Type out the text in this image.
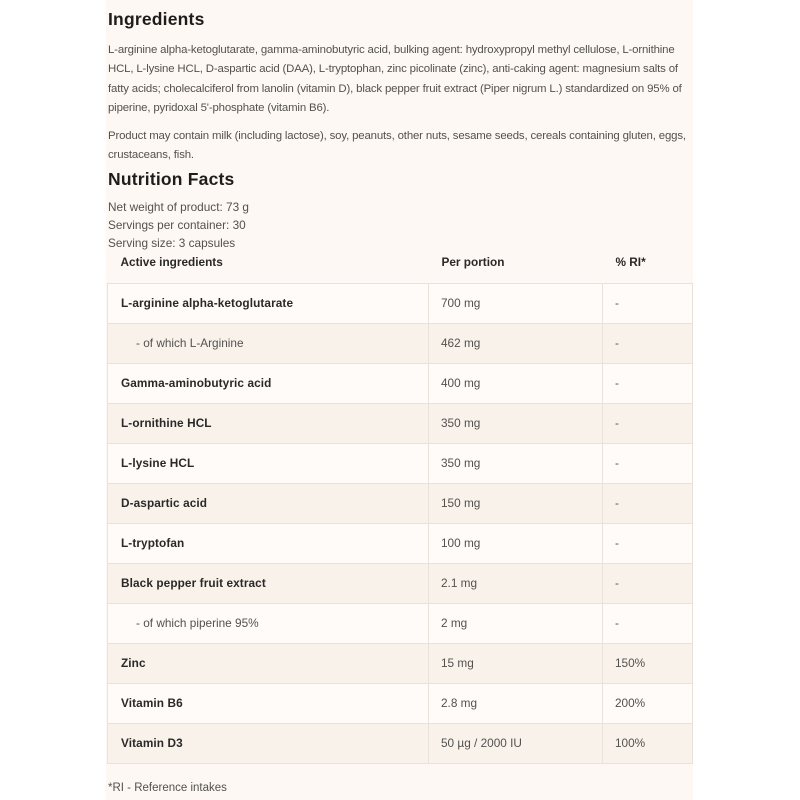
Ingredients
L-arginine alpha-ketoglutarate, gamma-aminobutyric acid, bulking agent: hydroxypropyl methyl cellulose, L-ornithine HCL, L-lysine HCL, D-aspartic acid (DAA), L-tryptophan, zinc picolinate (zinc), anti-caking agent: magnesium salts of fatty acids; cholecalciferol from lanolin (vitamin D), black pepper fruit extract (Piper nigrum L.) standardized on 95% of piperine, pyridoxal 5'-phosphate (vitamin B6).
Product may contain milk (including lactose), soy, peanuts, other nuts, sesame seeds, cereals containing gluten, eggs, crustaceans, fish.
Nutrition Facts
Net weight of product: 73 g
Servings per container: 30
Serving size: 3 capsules
Active ingredients	Per portion	% RI*
L-arginine alpha-ketoglutarate	700 mg	-
- of which L-Arginine	462 mg	-
Gamma-aminobutyric acid	400 mg	-
L-ornithine HCL	350 mg	-
L-lysine HCL	350 mg	-
D-aspartic acid	150 mg	-
L-tryptofan	100 mg	-
Black pepper fruit extract	2.1 mg	-
- of which piperine 95%	2 mg	-
Zinc	15 mg	150%
Vitamin B6	2.8 mg	200%
Vitamin D3	50 µg / 2000 IU	100%
*RI - Reference intakes
